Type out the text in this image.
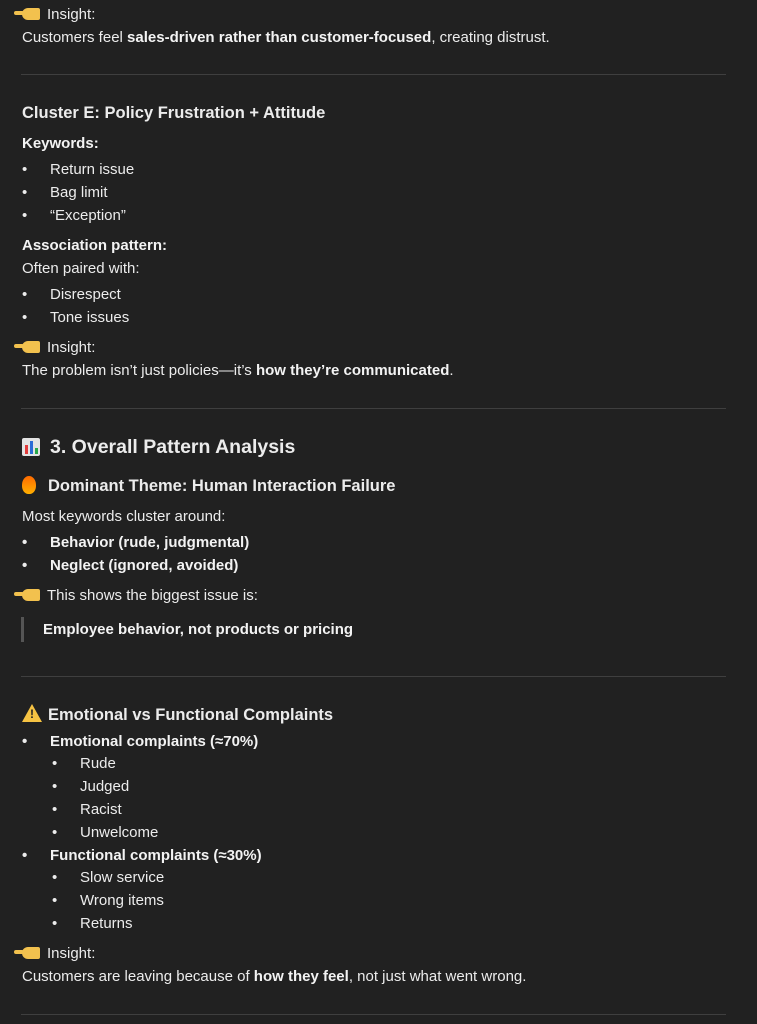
Insight:
Customers feel sales-driven rather than customer-focused, creating distrust.
Cluster E: Policy Frustration + Attitude
Keywords:
• Return issue
• Bag limit
• “Exception”
Association pattern:
Often paired with:
• Disrespect
• Tone issues
Insight:
The problem isn’t just policies—it’s how they’re communicated.
3. Overall Pattern Analysis
Dominant Theme: Human Interaction Failure
Most keywords cluster around:
• Behavior (rude, judgmental)
• Neglect (ignored, avoided)
This shows the biggest issue is:
Employee behavior, not products or pricing
!Emotional vs Functional Complaints
• Emotional complaints (≈70%)
• Rude
• Judged
• Racist
• Unwelcome
• Functional complaints (≈30%)
• Slow service
• Wrong items
• Returns
Insight:
Customers are leaving because of how they feel, not just what went wrong.
